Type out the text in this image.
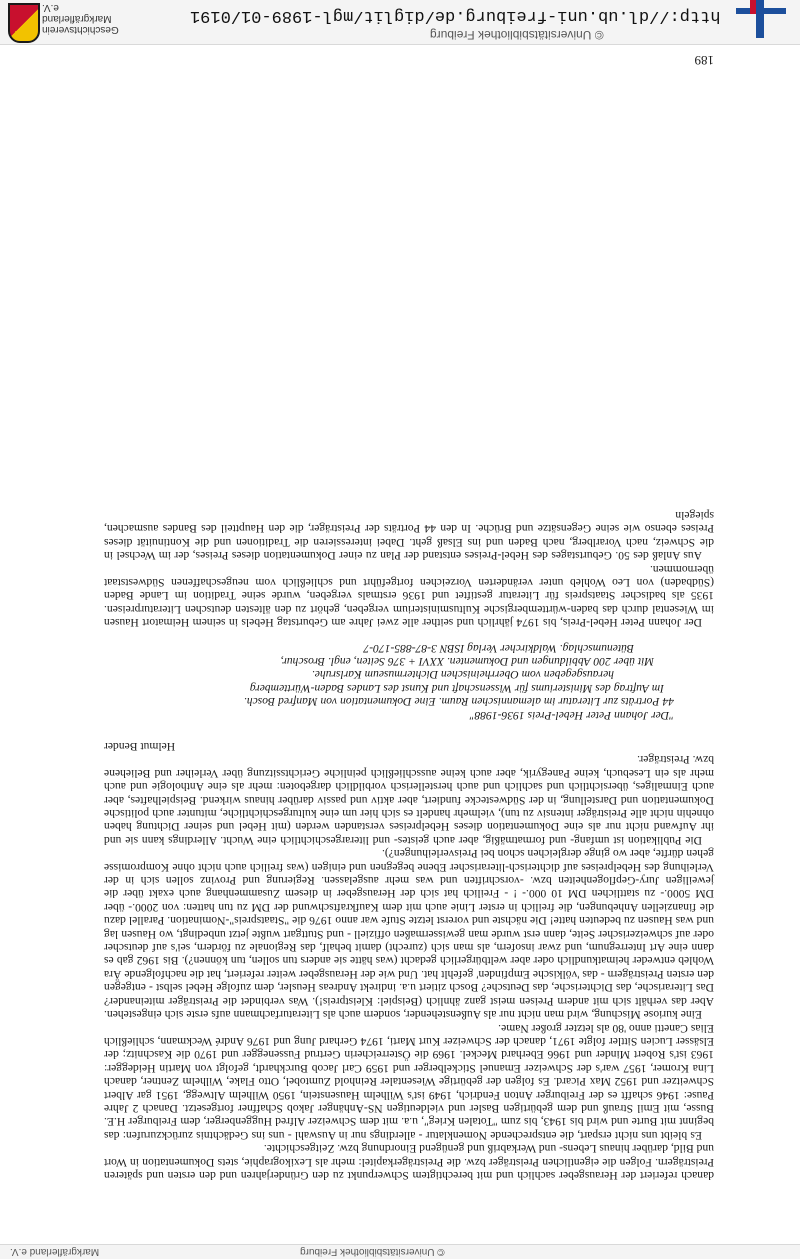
Geschichtsverein Markgräflerland e.V.	http://dl.ub.uni-freiburg.de/diglit/mgl-1989-01/0191
© Universitätsbibliothek Freiburg

danach referiert der Herausgeber sachlich und mit berechtigtem Schwerpunkt zu den Gründerjahren und den ersten und späteren Preisträgern. Folgen die eigentlichen Preisträger bzw. die Preisträgerkapitel: mehr als Lexikographie, stets Dokumentation in Wort und Bild, darüber hinaus Lebens- und Werkabriß und genügend Einordnung bzw. Zeitgeschichte.

Es bleibt uns nicht erspart, die entsprechende Nomenklatur - allerdings nur in Auswahl - uns ins Gedächtnis zurückzurufen: das beginnt mit Burte und wird bis 1943, bis zum "Totalen Krieg", u.a. mit dem Schweizer Alfred Huggenberger, dem Freiburger H.E. Busse, mit Emil Strauß und dem gebürtigen Basler und vieldeutigen NS-Anhänger Jakob Schaffner fortgesetzt. Danach 2 Jahre Pause: 1946 schafft es der Freiburger Anton Fendrich, 1949 ist's Wilhelm Hausenstein, 1950 Wilhelm Altwegg, 1951 gar Albert Schweitzer und 1952 Max Picard. Es folgen der gebürtige Wiesentaler Reinhold Zumtobel, Otto Flake, Wilhelm Zentner, danach Lina Kromer, 1957 war's der Schweizer Emanuel Stickelberger und 1959 Carl Jacob Burckhardt, gefolgt von Martin Heidegger: 1963 ist's Robert Minder und 1966 Eberhard Meckel. 1969 die Österreicherin Gertrud Fussenegger und 1970 die Kaschnitz; der Elsässer Lucien Sittler folgte 1971, danach der Schweizer Kurt Marti, 1974 Gerhard Jung und 1976 André Weckmann, schließlich Elias Canetti anno '80 als letzter großer Name.

Eine kuriose Mischung, wird man nicht nur als Außenstehender, sondern auch als Literaturfachmann aufs erste sich eingestehen. Aber das verhält sich mit andern Preisen meist ganz ähnlich (Beispiel: Kleistpreis!). Was verbindet die Preisträger miteinander? Das Literarische, das Dichterische, das Deutsche? Bosch zitiert u.a. indirekt Andreas Heusler, dem zufolge Hebel selbst - entgegen den ersten Preisträgern - das 'völkische Empfinden' gefehlt hat. Und wie der Herausgeber weiter referiert, hat die nachfolgende Ära Wohleb entweder heimatkundlich oder aber weltbürgerlich gedacht (was hätte sie anders tun sollen, tun können?). Bis 1962 gab es dann eine Art Interregnum, und zwar insofern, als man sich (zurecht) damit behalf, das Regionale zu fördern, sei's auf deutscher oder auf schweizerischer Seite, dann erst wurde man gewissermaßen offiziell - und Stuttgart wußte jetzt unbedingt, wo Hausen lag und was Hausen zu bedeuten hatte! Die nächste und vorerst letzte Stufe war anno 1976 die "Staatspreis"-Nomination. Parallel dazu die finanziellen Anhebungen, die freilich in erster Linie auch mit dem Kaufkraftschwund der DM zu tun hatten: von 2000.- über DM 5000.- zu stattlichen DM 10 000.- ! - Freilich hat sich der Herausgeber in diesem Zusammenhang auch exakt über die jeweiligen Jury-Gepflogenheiten bzw. -vorschriften und was mehr ausgelassen. Regierung und Provinz sollen sich in der Verleihung des Hebelpreises auf dichterisch-literarischer Ebene begegnen und einigen (was freilich auch nicht ohne Kompromisse gehen dürfte, aber wo ginge dergleichen schon bei Preisverleihungen?).

Die Publikation ist umfang- und formatmäßig, aber auch geistes- und literargeschichtlich eine Wucht. Allerdings kann sie und ihr Aufwand nicht nur als eine Dokumentation dieses Hebelpreises verstanden werden (mit Hebel und seiner Dichtung haben ohnehin nicht alle Preisträger intensiv zu tun), vielmehr handelt es sich hier um eine kulturgeschichtliche, mitunter auch politische Dokumentation und Darstellung, in der Südwestecke fundiert, aber aktiv und passiv darüber hinaus wirkend. Beispielhaftes, aber auch Einmaliges, übersichtlich und sachlich und auch herstellerisch vorbildlich dargeboten: mehr als eine Anthologie und auch mehr als ein Lesebuch, keine Panegyrik, aber auch keine ausschließlich peinliche Gerichtssitzung über Verleiher und Beliehene bzw. Preisträger.

Helmut Bender

"Der Johann Peter Hebel-Preis 1936-1988"
44 Porträts zur Literatur im alemannischen Raum. Eine Dokumentation von Manfred Bosch.
Im Auftrag des Ministeriums für Wissenschaft und Kunst des Landes Baden-Württemberg
herausgegeben vom Oberrheinischen Dichtermuseum Karlsruhe.
Mit über 200 Abbildungen und Dokumenten. XXVI + 376 Seiten, engl. Broschur,
Bütenumschlag. Waldkircher Verlag ISBN 3-87-885-170-7

Der Johann Peter Hebel-Preis, bis 1974 jährlich und seither alle zwei Jahre am Geburtstag Hebels in seinem Heimatort Hausen im Wiesental durch das baden-württembergische Kultusministerium vergeben, gehört zu den ältesten deutschen Literaturpreisen. 1935 als badischer Staatspreis für Literatur gestiftet und 1936 erstmals vergeben, wurde seine Tradition im Lande Baden (Südbaden) von Leo Wohleb unter veränderten Vorzeichen fortgeführt und schließlich vom neugeschaffenen Südweststaat übernommen.

Aus Anlaß des 50. Geburtstages des Hebel-Preises entstand der Plan zu einer Dokumentation dieses Preises, der im Wechsel in die Schweiz, nach Vorarlberg, nach Baden und ins Elsaß geht. Dabei interessieren die Traditionen und die Kontinuität dieses Preises ebenso wie seine Gegensätze und Brüche. In den 44 Porträts der Preisträger, die den Hauptteil des Bandes ausmachen, spiegeln

189
Markgräflerland e.V.	© Universitätsbibliothek Freiburg
